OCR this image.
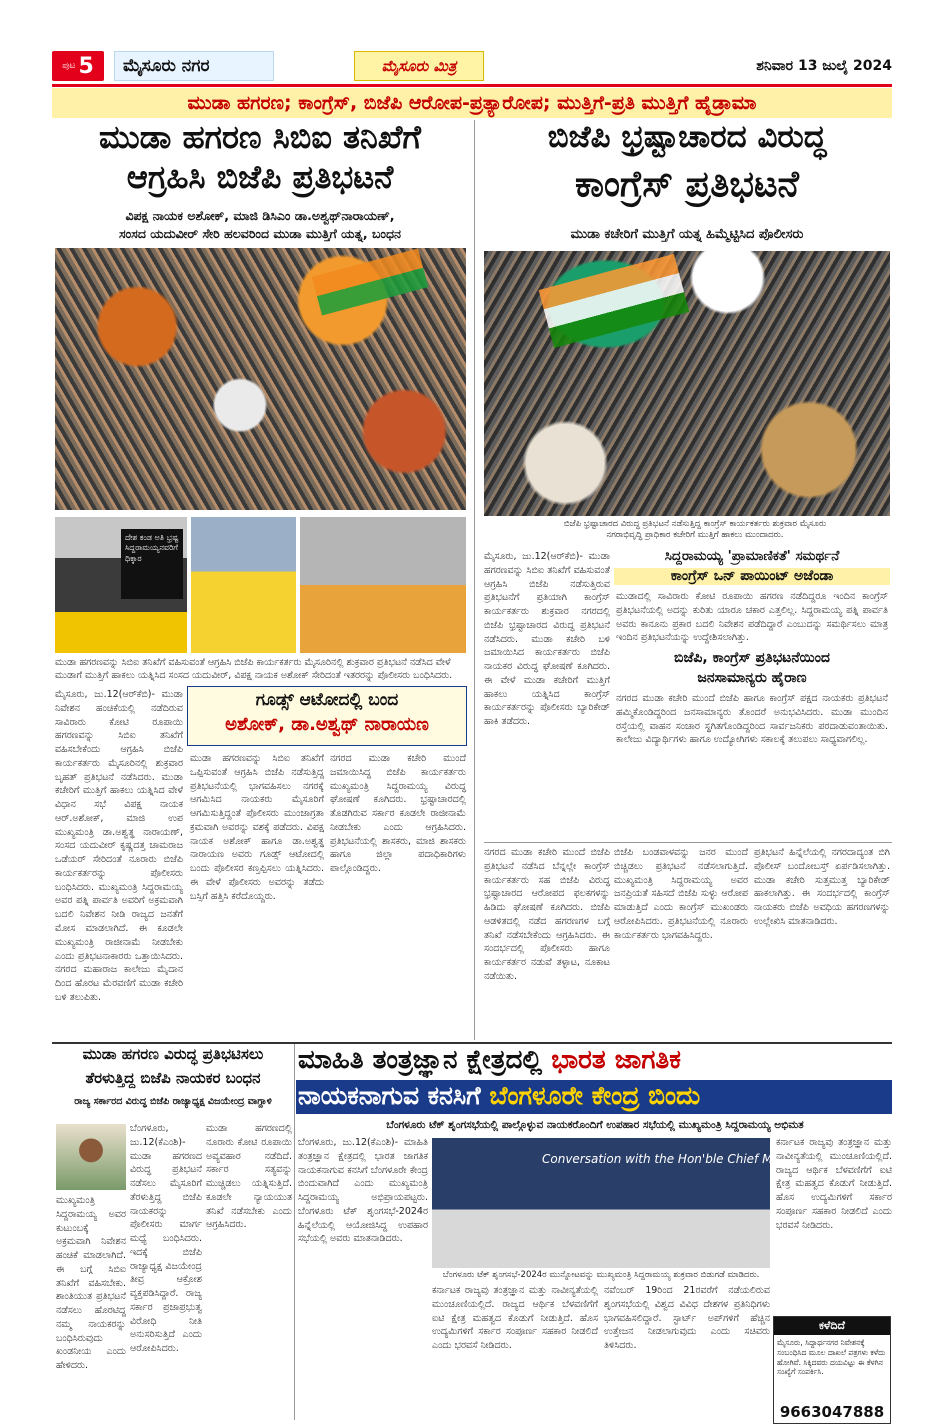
ಪುಟ 5	ಮೈಸೂರು ನಗರ	ಮೈಸೂರು ಮಿತ್ರ	ಶನಿವಾರ 13 ಜುಲೈ 2024
ಮುಡಾ ಹಗರಣ; ಕಾಂಗ್ರೆಸ್, ಬಿಜೆಪಿ ಆರೋಪ-ಪ್ರತ್ಯಾರೋಪ; ಮುತ್ತಿಗೆ-ಪ್ರತಿ ಮುತ್ತಿಗೆ ಹೈಡ್ರಾಮಾ
ಮುಡಾ ಹಗರಣ ಸಿಬಿಐ ತನಿಖೆಗೆ
ಆಗ್ರಹಿಸಿ ಬಿಜೆಪಿ ಪ್ರತಿಭಟನೆ
ವಿಪಕ್ಷ ನಾಯಕ ಅಶೋಕ್, ಮಾಜಿ ಡಿಸಿಎಂ ಡಾ.ಅಶ್ವಥ್‌ನಾರಾಯಣ್,
ಸಂಸದ ಯದುವೀರ್ ಸೇರಿ ಹಲವರಿಂದ ಮುಡಾ ಮುತ್ತಿಗೆ ಯತ್ನ, ಬಂಧನ
ದೇಶ ಕಂಡ ಅತಿ ಭ್ರಷ್ಟ ಸಿದ್ದರಾಮಯ್ಯನವರಿಗೆ ಧಿಕ್ಕಾರ
ಮುಡಾ ಹಗರಣವನ್ನು ಸಿಬಿಐ ತನಿಖೆಗೆ ವಹಿಸುವಂತೆ ಆಗ್ರಹಿಸಿ ಬಿಜೆಪಿ ಕಾರ್ಯಕರ್ತರು ಮೈಸೂರಿನಲ್ಲಿ ಶುಕ್ರವಾರ ಪ್ರತಿಭಟನೆ ನಡೆಸಿದ ವೇಳೆ ಮುಡಾಗೆ ಮುತ್ತಿಗೆ ಹಾಕಲು ಯತ್ನಿಸಿದ ಸಂಸದ ಯದುವೀರ್, ವಿಪಕ್ಷ ನಾಯಕ ಅಶೋಕ್ ಸೇರಿದಂತೆ ಇತರರನ್ನು ಪೊಲೀಸರು ಬಂಧಿಸಿದರು.
ಮೈಸೂರು, ಜು.12(ಆರ್‌ಕೆಬಿ)- ಮುಡಾ ನಿವೇಶನ ಹಂಚಿಕೆಯಲ್ಲಿ ನಡೆದಿರುವ ಸಾವಿರಾರು ಕೋಟಿ ರೂಪಾಯಿ ಹಗರಣವನ್ನು ಸಿಬಿಐ ತನಿಖೆಗೆ ವಹಿಸಬೇಕೆಂದು ಆಗ್ರಹಿಸಿ ಬಿಜೆಪಿ ಕಾರ್ಯಕರ್ತರು ಮೈಸೂರಿನಲ್ಲಿ ಶುಕ್ರವಾರ ಬೃಹತ್ ಪ್ರತಿಭಟನೆ ನಡೆಸಿದರು. ಮುಡಾ ಕಚೇರಿಗೆ ಮುತ್ತಿಗೆ ಹಾಕಲು ಯತ್ನಿಸಿದ ವೇಳೆ ವಿಧಾನ ಸಭೆ ವಿಪಕ್ಷ ನಾಯಕ ಆರ್.ಅಶೋಕ್, ಮಾಜಿ ಉಪ ಮುಖ್ಯಮಂತ್ರಿ ಡಾ.ಅಶ್ವತ್ಥ ನಾರಾಯಣ್, ಸಂಸದ ಯದುವೀರ್ ಕೃಷ್ಣದತ್ತ ಚಾಮರಾಜ ಒಡೆಯರ್ ಸೇರಿದಂತೆ ನೂರಾರು ಬಿಜೆಪಿ ಕಾರ್ಯಕರ್ತರನ್ನು ಪೊಲೀಸರು ಬಂಧಿಸಿದರು. ಮುಖ್ಯಮಂತ್ರಿ ಸಿದ್ದರಾಮಯ್ಯ ಅವರ ಪತ್ನಿ ಪಾರ್ವತಿ ಅವರಿಗೆ ಅಕ್ರಮವಾಗಿ ಬದಲಿ ನಿವೇಶನ ನೀಡಿ ರಾಜ್ಯದ ಜನತೆಗೆ ಮೋಸ ಮಾಡಲಾಗಿದೆ. ಈ ಕೂಡಲೇ ಮುಖ್ಯಮಂತ್ರಿ ರಾಜೀನಾಮೆ ನೀಡಬೇಕು ಎಂದು ಪ್ರತಿಭಟನಾಕಾರರು ಒತ್ತಾಯಿಸಿದರು. ನಗರದ ಮಹಾರಾಜ ಕಾಲೇಜು ಮೈದಾನ ದಿಂದ ಹೊರಟ ಮೆರವಣಿಗೆ ಮುಡಾ ಕಚೇರಿ ಬಳಿ ತಲುಪಿತು.
ಗೂಡ್ಸ್ ಆಟೋದಲ್ಲಿ ಬಂದ
ಅಶೋಕ್, ಡಾ.ಅಶ್ವಥ್ ನಾರಾಯಣ
ಮುಡಾ ಹಗರಣವನ್ನು ಸಿಬಿಐ ತನಿಖೆಗೆ ಒಪ್ಪಿಸುವಂತೆ ಆಗ್ರಹಿಸಿ ಬಿಜೆಪಿ ನಡೆಸುತ್ತಿದ್ದ ಪ್ರತಿಭಟನೆಯಲ್ಲಿ ಭಾಗವಹಿಸಲು ನಗರಕ್ಕೆ ಆಗಮಿಸಿದ ನಾಯಕರು ಮೈಸೂರಿಗೆ ಆಗಮಿಸುತ್ತಿದ್ದಂತೆ ಪೊಲೀಸರು ಮುಂಜಾಗ್ರತಾ ಕ್ರಮವಾಗಿ ಅವರನ್ನು ವಶಕ್ಕೆ ಪಡೆದರು. ವಿಪಕ್ಷ ನಾಯಕ ಅಶೋಕ್ ಹಾಗೂ ಡಾ.ಅಶ್ವತ್ಥ ನಾರಾಯಣ ಅವರು ಗೂಡ್ಸ್ ಆಟೋದಲ್ಲಿ ಬಂದು ಪೊಲೀಸರ ಕಣ್ತಪ್ಪಿಸಲು ಯತ್ನಿಸಿದರು. ಈ ವೇಳೆ ಪೊಲೀಸರು ಅವರನ್ನು ತಡೆದು ಬಸ್ಸಿಗೆ ಹತ್ತಿಸಿ ಕರೆದೊಯ್ದರು.
ನಗರದ ಮುಡಾ ಕಚೇರಿ ಮುಂದೆ ಜಮಾಯಿಸಿದ್ದ ಬಿಜೆಪಿ ಕಾರ್ಯಕರ್ತರು ಮುಖ್ಯಮಂತ್ರಿ ಸಿದ್ದರಾಮಯ್ಯ ವಿರುದ್ಧ ಘೋಷಣೆ ಕೂಗಿದರು. ಭ್ರಷ್ಟಾಚಾರದಲ್ಲಿ ತೊಡಗಿರುವ ಸರ್ಕಾರ ಕೂಡಲೇ ರಾಜೀನಾಮೆ ನೀಡಬೇಕು ಎಂದು ಆಗ್ರಹಿಸಿದರು. ಪ್ರತಿಭಟನೆಯಲ್ಲಿ ಶಾಸಕರು, ಮಾಜಿ ಶಾಸಕರು ಹಾಗೂ ಜಿಲ್ಲಾ ಪದಾಧಿಕಾರಿಗಳು ಪಾಲ್ಗೊಂಡಿದ್ದರು.
ಬಿಜೆಪಿ ಭ್ರಷ್ಟಾಚಾರದ ವಿರುದ್ಧ
ಕಾಂಗ್ರೆಸ್ ಪ್ರತಿಭಟನೆ
ಮುಡಾ ಕಚೇರಿಗೆ ಮುತ್ತಿಗೆ ಯತ್ನ ಹಿಮ್ಮೆಟ್ಟಿಸಿದ ಪೊಲೀಸರು
ಬಿಜೆಪಿ ಭ್ರಷ್ಟಾಚಾರದ ವಿರುದ್ಧ ಪ್ರತಿಭಟನೆ ನಡೆಸುತ್ತಿದ್ದ ಕಾಂಗ್ರೆಸ್ ಕಾರ್ಯಕರ್ತರು ಶುಕ್ರವಾರ ಮೈಸೂರು ನಗರಾಭಿವೃದ್ಧಿ ಪ್ರಾಧಿಕಾರ ಕಚೇರಿಗೆ ಮುತ್ತಿಗೆ ಹಾಕಲು ಮುಂದಾದರು.
ಮೈಸೂರು, ಜು.12(ಆರ್‌ಕೆಬಿ)- ಮುಡಾ ಹಗರಣವನ್ನು ಸಿಬಿಐ ತನಿಖೆಗೆ ವಹಿಸುವಂತೆ ಆಗ್ರಹಿಸಿ ಬಿಜೆಪಿ ನಡೆಸುತ್ತಿರುವ ಪ್ರತಿಭಟನೆಗೆ ಪ್ರತಿಯಾಗಿ ಕಾಂಗ್ರೆಸ್ ಕಾರ್ಯಕರ್ತರು ಶುಕ್ರವಾರ ನಗರದಲ್ಲಿ ಬಿಜೆಪಿ ಭ್ರಷ್ಟಾಚಾರದ ವಿರುದ್ಧ ಪ್ರತಿಭಟನೆ ನಡೆಸಿದರು. ಮುಡಾ ಕಚೇರಿ ಬಳಿ ಜಮಾಯಿಸಿದ ಕಾರ್ಯಕರ್ತರು ಬಿಜೆಪಿ ನಾಯಕರ ವಿರುದ್ಧ ಘೋಷಣೆ ಕೂಗಿದರು. ಈ ವೇಳೆ ಮುಡಾ ಕಚೇರಿಗೆ ಮುತ್ತಿಗೆ ಹಾಕಲು ಯತ್ನಿಸಿದ ಕಾಂಗ್ರೆಸ್ ಕಾರ್ಯಕರ್ತರನ್ನು ಪೊಲೀಸರು ಬ್ಯಾರಿಕೇಡ್ ಹಾಕಿ ತಡೆದರು.
ಸಿದ್ದರಾಮಯ್ಯ 'ಪ್ರಾಮಾಣಿಕತೆ' ಸಮರ್ಥನೆ
ಕಾಂಗ್ರೆಸ್ ಒನ್ ಪಾಯಿಂಟ್ ಅಜೆಂಡಾ
ಮುಡಾದಲ್ಲಿ ಸಾವಿರಾರು ಕೋಟಿ ರೂಪಾಯಿ ಹಗರಣ ನಡೆದಿದ್ದರೂ ಇಂದಿನ ಕಾಂಗ್ರೆಸ್ ಪ್ರತಿಭಟನೆಯಲ್ಲಿ ಅದನ್ನು ಕುರಿತು ಯಾರೂ ಚಕಾರ ಎತ್ತಲಿಲ್ಲ. ಸಿದ್ದರಾಮಯ್ಯ ಪತ್ನಿ ಪಾರ್ವತಿ ಅವರು ಕಾನೂನು ಪ್ರಕಾರ ಬದಲಿ ನಿವೇಶನ ಪಡೆದಿದ್ದಾರೆ ಎಂಬುದನ್ನು ಸಮರ್ಥಿಸಲು ಮಾತ್ರ ಇಂದಿನ ಪ್ರತಿಭಟನೆಯನ್ನು ಉದ್ದೇಶಿಸಲಾಗಿತ್ತು.
ಬಿಜೆಪಿ, ಕಾಂಗ್ರೆಸ್ ಪ್ರತಿಭಟನೆಯಿಂದ
ಜನಸಾಮಾನ್ಯರು ಹೈರಾಣ
ನಗರದ ಮುಡಾ ಕಚೇರಿ ಮುಂದೆ ಬಿಜೆಪಿ ಹಾಗೂ ಕಾಂಗ್ರೆಸ್ ಪಕ್ಷದ ನಾಯಕರು ಪ್ರತಿಭಟನೆ ಹಮ್ಮಿಕೊಂಡಿದ್ದರಿಂದ ಜನಸಾಮಾನ್ಯರು ತೊಂದರೆ ಅನುಭವಿಸಿದರು. ಮುಡಾ ಮುಂದಿನ ರಸ್ತೆಯಲ್ಲಿ ವಾಹನ ಸಂಚಾರ ಸ್ಥಗಿತಗೊಂಡಿದ್ದರಿಂದ ಸಾರ್ವಜನಿಕರು ಪರದಾಡುವಂತಾಯಿತು. ಕಾಲೇಜು ವಿದ್ಯಾರ್ಥಿಗಳು ಹಾಗೂ ಉದ್ಯೋಗಿಗಳು ಸಕಾಲಕ್ಕೆ ತಲುಪಲು ಸಾಧ್ಯವಾಗಲಿಲ್ಲ.
ನಗರದ ಮುಡಾ ಕಚೇರಿ ಮುಂದೆ ಬಿಜೆಪಿ ಪ್ರತಿಭಟನೆ ನಡೆಸಿದ ಬೆನ್ನಲ್ಲೇ ಕಾಂಗ್ರೆಸ್ ಕಾರ್ಯಕರ್ತರು ಸಹ ಬಿಜೆಪಿ ವಿರುದ್ಧ ಭ್ರಷ್ಟಾಚಾರದ ಆರೋಪದ ಫಲಕಗಳನ್ನು ಹಿಡಿದು ಘೋಷಣೆ ಕೂಗಿದರು. ಬಿಜೆಪಿ ಆಡಳಿತದಲ್ಲಿ ನಡೆದ ಹಗರಣಗಳ ಬಗ್ಗೆ ತನಿಖೆ ನಡೆಸಬೇಕೆಂದು ಆಗ್ರಹಿಸಿದರು. ಈ ಸಂದರ್ಭದಲ್ಲಿ ಪೊಲೀಸರು ಹಾಗೂ ಕಾರ್ಯಕರ್ತರ ನಡುವೆ ತಳ್ಳಾಟ, ನೂಕಾಟ ನಡೆಯಿತು.
ಬಿಜೆಪಿ ಬಂಡವಾಳವನ್ನು ಜನರ ಮುಂದೆ ಬಿಚ್ಚಿಡಲು ಪ್ರತಿಭಟನೆ ನಡೆಸಲಾಗುತ್ತಿದೆ. ಮುಖ್ಯಮಂತ್ರಿ ಸಿದ್ದರಾಮಯ್ಯ ಅವರ ಜನಪ್ರಿಯತೆ ಸಹಿಸದೆ ಬಿಜೆಪಿ ಸುಳ್ಳು ಆರೋಪ ಮಾಡುತ್ತಿದೆ ಎಂದು ಕಾಂಗ್ರೆಸ್ ಮುಖಂಡರು ಆರೋಪಿಸಿದರು. ಪ್ರತಿಭಟನೆಯಲ್ಲಿ ನೂರಾರು ಕಾರ್ಯಕರ್ತರು ಭಾಗವಹಿಸಿದ್ದರು.
ಪ್ರತಿಭಟನೆ ಹಿನ್ನೆಲೆಯಲ್ಲಿ ನಗರದಾದ್ಯಂತ ಬಿಗಿ ಪೊಲೀಸ್ ಬಂದೋಬಸ್ತ್ ಏರ್ಪಡಿಸಲಾಗಿತ್ತು. ಮುಡಾ ಕಚೇರಿ ಸುತ್ತಮುತ್ತ ಬ್ಯಾರಿಕೇಡ್ ಹಾಕಲಾಗಿತ್ತು. ಈ ಸಂದರ್ಭದಲ್ಲಿ ಕಾಂಗ್ರೆಸ್ ನಾಯಕರು ಬಿಜೆಪಿ ಅವಧಿಯ ಹಗರಣಗಳನ್ನು ಉಲ್ಲೇಖಿಸಿ ಮಾತನಾಡಿದರು.
ಮುಡಾ ಹಗರಣ ವಿರುದ್ಧ ಪ್ರತಿಭಟಿಸಲು
ತೆರಳುತ್ತಿದ್ದ ಬಿಜೆಪಿ ನಾಯಕರ ಬಂಧನ
ರಾಜ್ಯ ಸರ್ಕಾರದ ವಿರುದ್ಧ ಬಿಜೆಪಿ ರಾಜ್ಯಾಧ್ಯಕ್ಷ ವಿಜಯೇಂದ್ರ ವಾಗ್ದಾಳಿ
ಬೆಂಗಳೂರು, ಜು.12(ಕೆಎಂಶಿ)- ಮುಡಾ ಹಗರಣದ ವಿರುದ್ಧ ಪ್ರತಿಭಟನೆ ನಡೆಸಲು ಮೈಸೂರಿಗೆ ತೆರಳುತ್ತಿದ್ದ ಬಿಜೆಪಿ ನಾಯಕರನ್ನು ಪೊಲೀಸರು ಮಾರ್ಗ ಮಧ್ಯೆ ಬಂಧಿಸಿದರು. ಇದಕ್ಕೆ ಬಿಜೆಪಿ ರಾಜ್ಯಾಧ್ಯಕ್ಷ ವಿಜಯೇಂದ್ರ ತೀವ್ರ ಆಕ್ರೋಶ ವ್ಯಕ್ತಪಡಿಸಿದ್ದಾರೆ. ರಾಜ್ಯ ಸರ್ಕಾರ ಪ್ರಜಾಪ್ರಭುತ್ವ ವಿರೋಧಿ ನೀತಿ ಅನುಸರಿಸುತ್ತಿದೆ ಎಂದು ಆರೋಪಿಸಿದರು.
ಮುಖ್ಯಮಂತ್ರಿ ಸಿದ್ದರಾಮಯ್ಯ ಅವರ ಕುಟುಂಬಕ್ಕೆ ಅಕ್ರಮವಾಗಿ ನಿವೇಶನ ಹಂಚಿಕೆ ಮಾಡಲಾಗಿದೆ. ಈ ಬಗ್ಗೆ ಸಿಬಿಐ ತನಿಖೆಗೆ ವಹಿಸಬೇಕು. ಶಾಂತಿಯುತ ಪ್ರತಿಭಟನೆ ನಡೆಸಲು ಹೊರಟಿದ್ದ ನಮ್ಮ ನಾಯಕರನ್ನು ಬಂಧಿಸಿರುವುದು ಖಂಡನೀಯ ಎಂದು ಹೇಳಿದರು.
ಮುಡಾ ಹಗರಣದಲ್ಲಿ ನೂರಾರು ಕೋಟಿ ರೂಪಾಯಿ ಅವ್ಯವಹಾರ ನಡೆದಿದೆ. ಸರ್ಕಾರ ಸತ್ಯವನ್ನು ಮುಚ್ಚಿಡಲು ಯತ್ನಿಸುತ್ತಿದೆ. ಕೂಡಲೇ ನ್ಯಾಯಯುತ ತನಿಖೆ ನಡೆಸಬೇಕು ಎಂದು ಆಗ್ರಹಿಸಿದರು.
ಮಾಹಿತಿ ತಂತ್ರಜ್ಞಾನ ಕ್ಷೇತ್ರದಲ್ಲಿ ಭಾರತ ಜಾಗತಿಕ
ನಾಯಕನಾಗುವ ಕನಸಿಗೆ ಬೆಂಗಳೂರೇ ಕೇಂದ್ರ ಬಿಂದು
ಬೆಂಗಳೂರು ಟೆಕ್ ಶೃಂಗಸಭೆಯಲ್ಲಿ ಪಾಲ್ಗೊಳ್ಳುವ ನಾಯಕರೊಂದಿಗೆ ಉಪಹಾರ ಸಭೆಯಲ್ಲಿ ಮುಖ್ಯಮಂತ್ರಿ ಸಿದ್ದರಾಮಯ್ಯ ಅಭಿಮತ
ಬೆಂಗಳೂರು, ಜು.12(ಕೆಎಂಶಿ)- ಮಾಹಿತಿ ತಂತ್ರಜ್ಞಾನ ಕ್ಷೇತ್ರದಲ್ಲಿ ಭಾರತ ಜಾಗತಿಕ ನಾಯಕನಾಗುವ ಕನಸಿಗೆ ಬೆಂಗಳೂರೇ ಕೇಂದ್ರ ಬಿಂದುವಾಗಿದೆ ಎಂದು ಮುಖ್ಯಮಂತ್ರಿ ಸಿದ್ದರಾಮಯ್ಯ ಅಭಿಪ್ರಾಯಪಟ್ಟರು. ಬೆಂಗಳೂರು ಟೆಕ್ ಶೃಂಗಸಭೆ-2024ರ ಹಿನ್ನೆಲೆಯಲ್ಲಿ ಆಯೋಜಿಸಿದ್ದ ಉಪಹಾರ ಸಭೆಯಲ್ಲಿ ಅವರು ಮಾತನಾಡಿದರು.
Conversation with the Hon'ble Chief Minister
ಬೆಂಗಳೂರು ಟೆಕ್ ಶೃಂಗಸಭೆ-2024ರ ಮುನ್ನೋಟವನ್ನು ಮುಖ್ಯಮಂತ್ರಿ ಸಿದ್ದರಾಮಯ್ಯ ಶುಕ್ರವಾರ ಬಿಡುಗಡೆ ಮಾಡಿದರು.
ಕರ್ನಾಟಕ ರಾಜ್ಯವು ತಂತ್ರಜ್ಞಾನ ಮತ್ತು ನಾವೀನ್ಯತೆಯಲ್ಲಿ ಮುಂಚೂಣಿಯಲ್ಲಿದೆ. ರಾಜ್ಯದ ಆರ್ಥಿಕ ಬೆಳವಣಿಗೆಗೆ ಐಟಿ ಕ್ಷೇತ್ರ ಮಹತ್ವದ ಕೊಡುಗೆ ನೀಡುತ್ತಿದೆ. ಹೊಸ ಉದ್ಯಮಿಗಳಿಗೆ ಸರ್ಕಾರ ಸಂಪೂರ್ಣ ಸಹಕಾರ ನೀಡಲಿದೆ ಎಂದು ಭರವಸೆ ನೀಡಿದರು.
ನವೆಂಬರ್ 19ರಿಂದ 21ರವರೆಗೆ ನಡೆಯಲಿರುವ ಶೃಂಗಸಭೆಯಲ್ಲಿ ವಿಶ್ವದ ವಿವಿಧ ದೇಶಗಳ ಪ್ರತಿನಿಧಿಗಳು ಭಾಗವಹಿಸಲಿದ್ದಾರೆ. ಸ್ಟಾರ್ಟ್ ಅಪ್‌ಗಳಿಗೆ ಹೆಚ್ಚಿನ ಉತ್ತೇಜನ ನೀಡಲಾಗುವುದು ಎಂದು ಸಚಿವರು ತಿಳಿಸಿದರು.
ಕರ್ನಾಟಕ ರಾಜ್ಯವು ತಂತ್ರಜ್ಞಾನ ಮತ್ತು ನಾವೀನ್ಯತೆಯಲ್ಲಿ ಮುಂಚೂಣಿಯಲ್ಲಿದೆ. ರಾಜ್ಯದ ಆರ್ಥಿಕ ಬೆಳವಣಿಗೆಗೆ ಐಟಿ ಕ್ಷೇತ್ರ ಮಹತ್ವದ ಕೊಡುಗೆ ನೀಡುತ್ತಿದೆ. ಹೊಸ ಉದ್ಯಮಿಗಳಿಗೆ ಸರ್ಕಾರ ಸಂಪೂರ್ಣ ಸಹಕಾರ ನೀಡಲಿದೆ ಎಂದು ಭರವಸೆ ನೀಡಿದರು.
ಕಳೆದಿದೆ
ಮೈಸೂರು, ಸಿದ್ದಾರ್ಥನಗರ ನಿವೇಶನಕ್ಕೆ ಸಂಬಂಧಿಸಿದ ಮೂಲ ದಾಖಲೆ ಪತ್ರಗಳು ಕಳೆದು ಹೋಗಿವೆ. ಸಿಕ್ಕಿದವರು ದಯವಿಟ್ಟು ಈ ಕೆಳಗಿನ ಸಂಖ್ಯೆಗೆ ಸಂಪರ್ಕಿಸಿ.
9663047888
